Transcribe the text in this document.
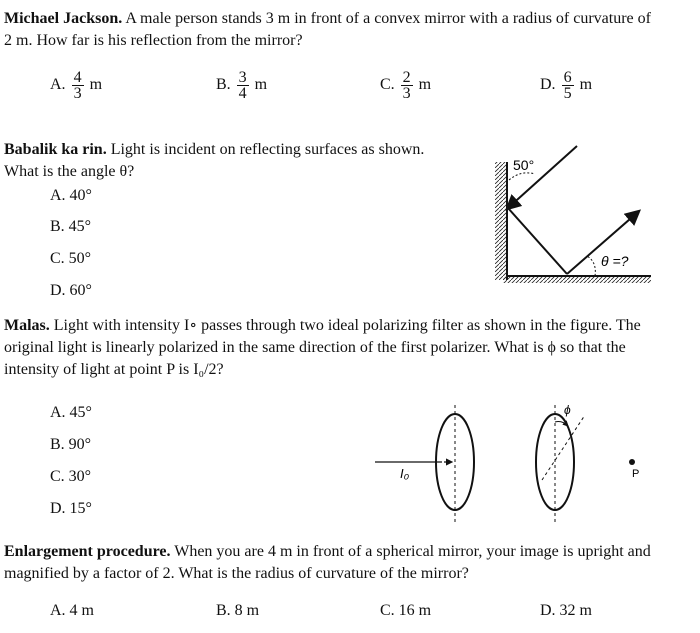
Michael Jackson. A male person stands 3 m in front of a convex mirror with a radius of curvature of 2 m. How far is his reflection from the mirror?
A. $\frac{4}{3}$ m	B. $\frac{3}{4}$ m	C. $\frac{2}{3}$ m	D. $\frac{6}{5}$ m
Babalik ka rin. Light is incident on reflecting surfaces as shown.
What is the angle θ?
A. 40°
B. 45°
C. 50°
D. 60°
50°
θ =?
Malas. Light with intensity I∘ passes through two ideal polarizing filter as shown in the figure. The original light is linearly polarized in the same direction of the first polarizer. What is ϕ so that the intensity of light at point P is I₀/2?
A. 45°
B. 90°
C. 30°
D. 15°
I₀
ϕ
P
Enlargement procedure. When you are 4 m in front of a spherical mirror, your image is upright and magnified by a factor of 2. What is the radius of curvature of the mirror?
A. 4 m	B. 8 m	C. 16 m	D. 32 m
